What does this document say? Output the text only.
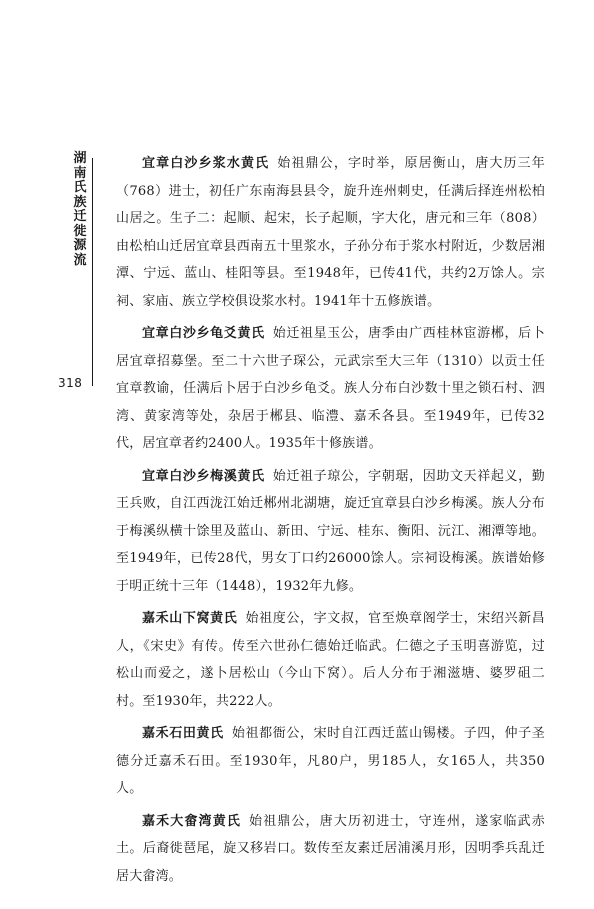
湖南氏族迁徙源流
318

宜章白沙乡浆水黄氏 始祖鼎公，字时举，原居衡山，唐大历三年（768）进士，初任广东南海县县令，旋升连州刺史，任满后择连州松柏山居之。生子二：起顺、起宋，长子起顺，字大化，唐元和三年（808）由松柏山迁居宜章县西南五十里浆水，子孙分布于浆水村附近，少数居湘潭、宁远、蓝山、桂阳等县。至1948年，已传41代，共约2万馀人。宗祠、家庙、族立学校俱设浆水村。1941年十五修族谱。

宜章白沙乡龟爻黄氏 始迁祖星玉公，唐季由广西桂林宦游郴，后卜居宜章招募堡。至二十六世子琛公，元武宗至大三年（1310）以贡士任宜章教谕，任满后卜居于白沙乡龟爻。族人分布白沙数十里之锁石村、泗湾、黄家湾等处，杂居于郴县、临澧、嘉禾各县。至1949年，已传32代，居宜章者约2400人。1935年十修族谱。

宜章白沙乡梅溪黄氏 始迁祖子琼公，字朝琚，因助文天祥起义，勤王兵败，自江西泷江始迁郴州北湖塘，旋迁宜章县白沙乡梅溪。族人分布于梅溪纵横十馀里及蓝山、新田、宁远、桂东、衡阳、沅江、湘潭等地。至1949年，已传28代，男女丁口约26000馀人。宗祠设梅溪。族谱始修于明正统十三年（1448），1932年九修。

嘉禾山下窝黄氏 始祖度公，字文叔，官至焕章阁学士，宋绍兴新昌人，《宋史》有传。传至六世孙仁德始迁临武。仁德之子玉明喜游览，过松山而爱之，遂卜居松山（今山下窝）。后人分布于湘滋塘、婆罗砠二村。至1930年，共222人。

嘉禾石田黄氏 始祖都衙公，宋时自江西迁蓝山锡楼。子四，仲子圣德分迁嘉禾石田。至1930年，凡80户，男185人，女165人，共350人。

嘉禾大畲湾黄氏 始祖鼎公，唐大历初进士，守连州，遂家临武赤土。后裔徙琶尾，旋又移岩口。数传至友素迁居浦溪月形，因明季兵乱迁居大畲湾。
